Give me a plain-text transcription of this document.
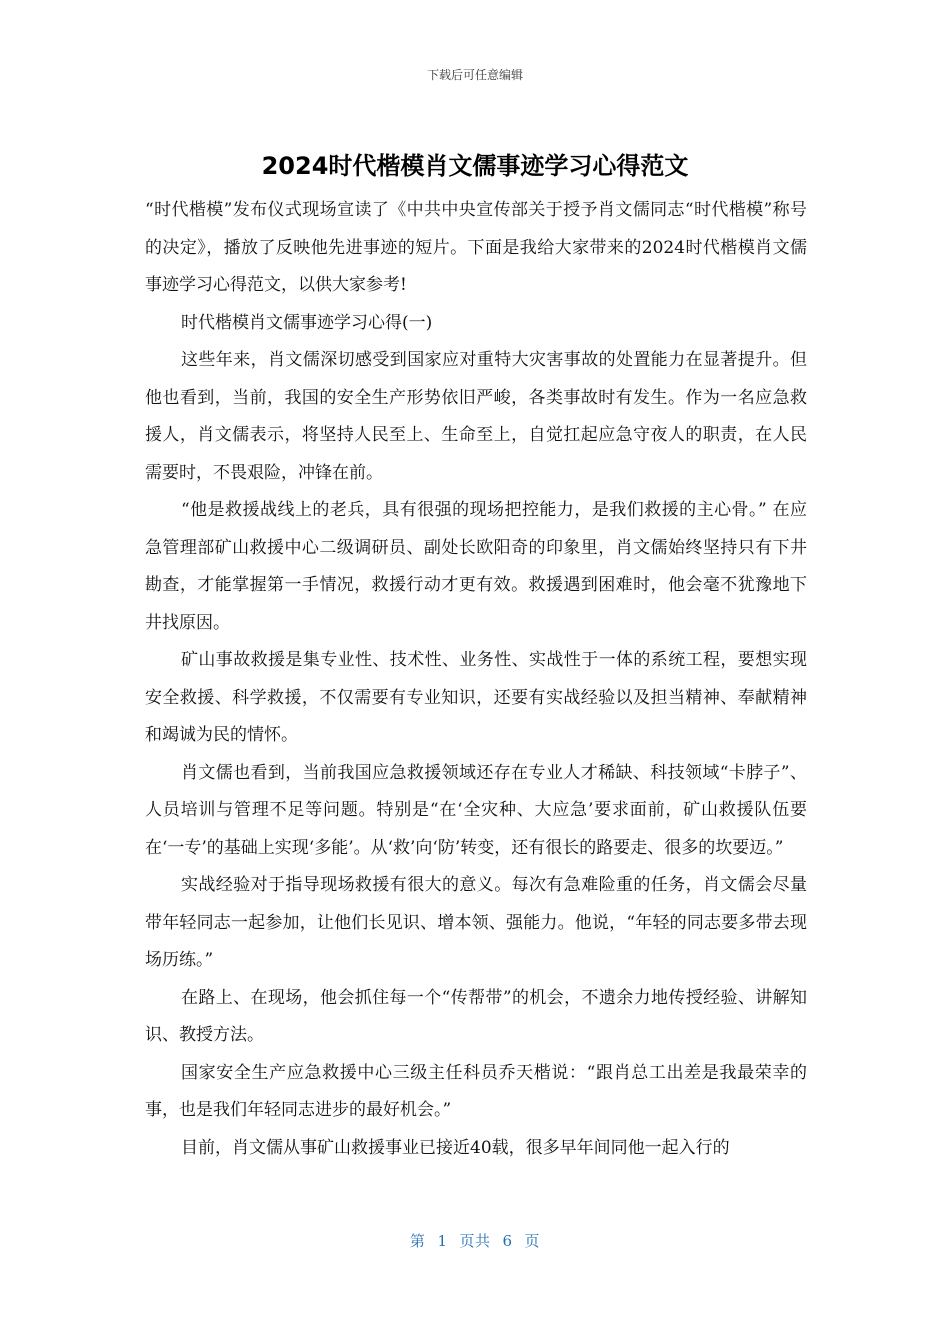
下载后可任意编辑
2024时代楷模肖文儒事迹学习心得范文

“时代楷模”发布仪式现场宣读了《中共中央宣传部关于授予肖文儒同志“时代楷模”称号的决定》，播放了反映他先进事迹的短片。下面是我给大家带来的2024时代楷模肖文儒事迹学习心得范文，以供大家参考!

时代楷模肖文儒事迹学习心得(一)

这些年来，肖文儒深切感受到国家应对重特大灾害事故的处置能力在显著提升。但他也看到，当前，我国的安全生产形势依旧严峻，各类事故时有发生。作为一名应急救援人，肖文儒表示，将坚持人民至上、生命至上，自觉扛起应急守夜人的职责，在人民需要时，不畏艰险，冲锋在前。

“他是救援战线上的老兵，具有很强的现场把控能力，是我们救援的主心骨。” 在应急管理部矿山救援中心二级调研员、副处长欧阳奇的印象里，肖文儒始终坚持只有下井勘查，才能掌握第一手情况，救援行动才更有效。救援遇到困难时，他会毫不犹豫地下井找原因。

矿山事故救援是集专业性、技术性、业务性、实战性于一体的系统工程，要想实现安全救援、科学救援，不仅需要有专业知识，还要有实战经验以及担当精神、奉献精神和竭诚为民的情怀。

肖文儒也看到，当前我国应急救援领域还存在专业人才稀缺、科技领域“卡脖子”、人员培训与管理不足等问题。特别是“在‘全灾种、大应急’要求面前，矿山救援队伍要在‘一专’的基础上实现‘多能’。从‘救’向‘防’转变，还有很长的路要走、很多的坎要迈。”

实战经验对于指导现场救援有很大的意义。每次有急难险重的任务，肖文儒会尽量带年轻同志一起参加，让他们长见识、增本领、强能力。他说，“年轻的同志要多带去现场历练。”

在路上、在现场，他会抓住每一个“传帮带”的机会，不遗余力地传授经验、讲解知识、教授方法。

国家安全生产应急救援中心三级主任科员乔天楷说：“跟肖总工出差是我最荣幸的事，也是我们年轻同志进步的最好机会。”

目前，肖文儒从事矿山救援事业已接近40载，很多早年间同他一起入行的

第 1 页共 6 页
